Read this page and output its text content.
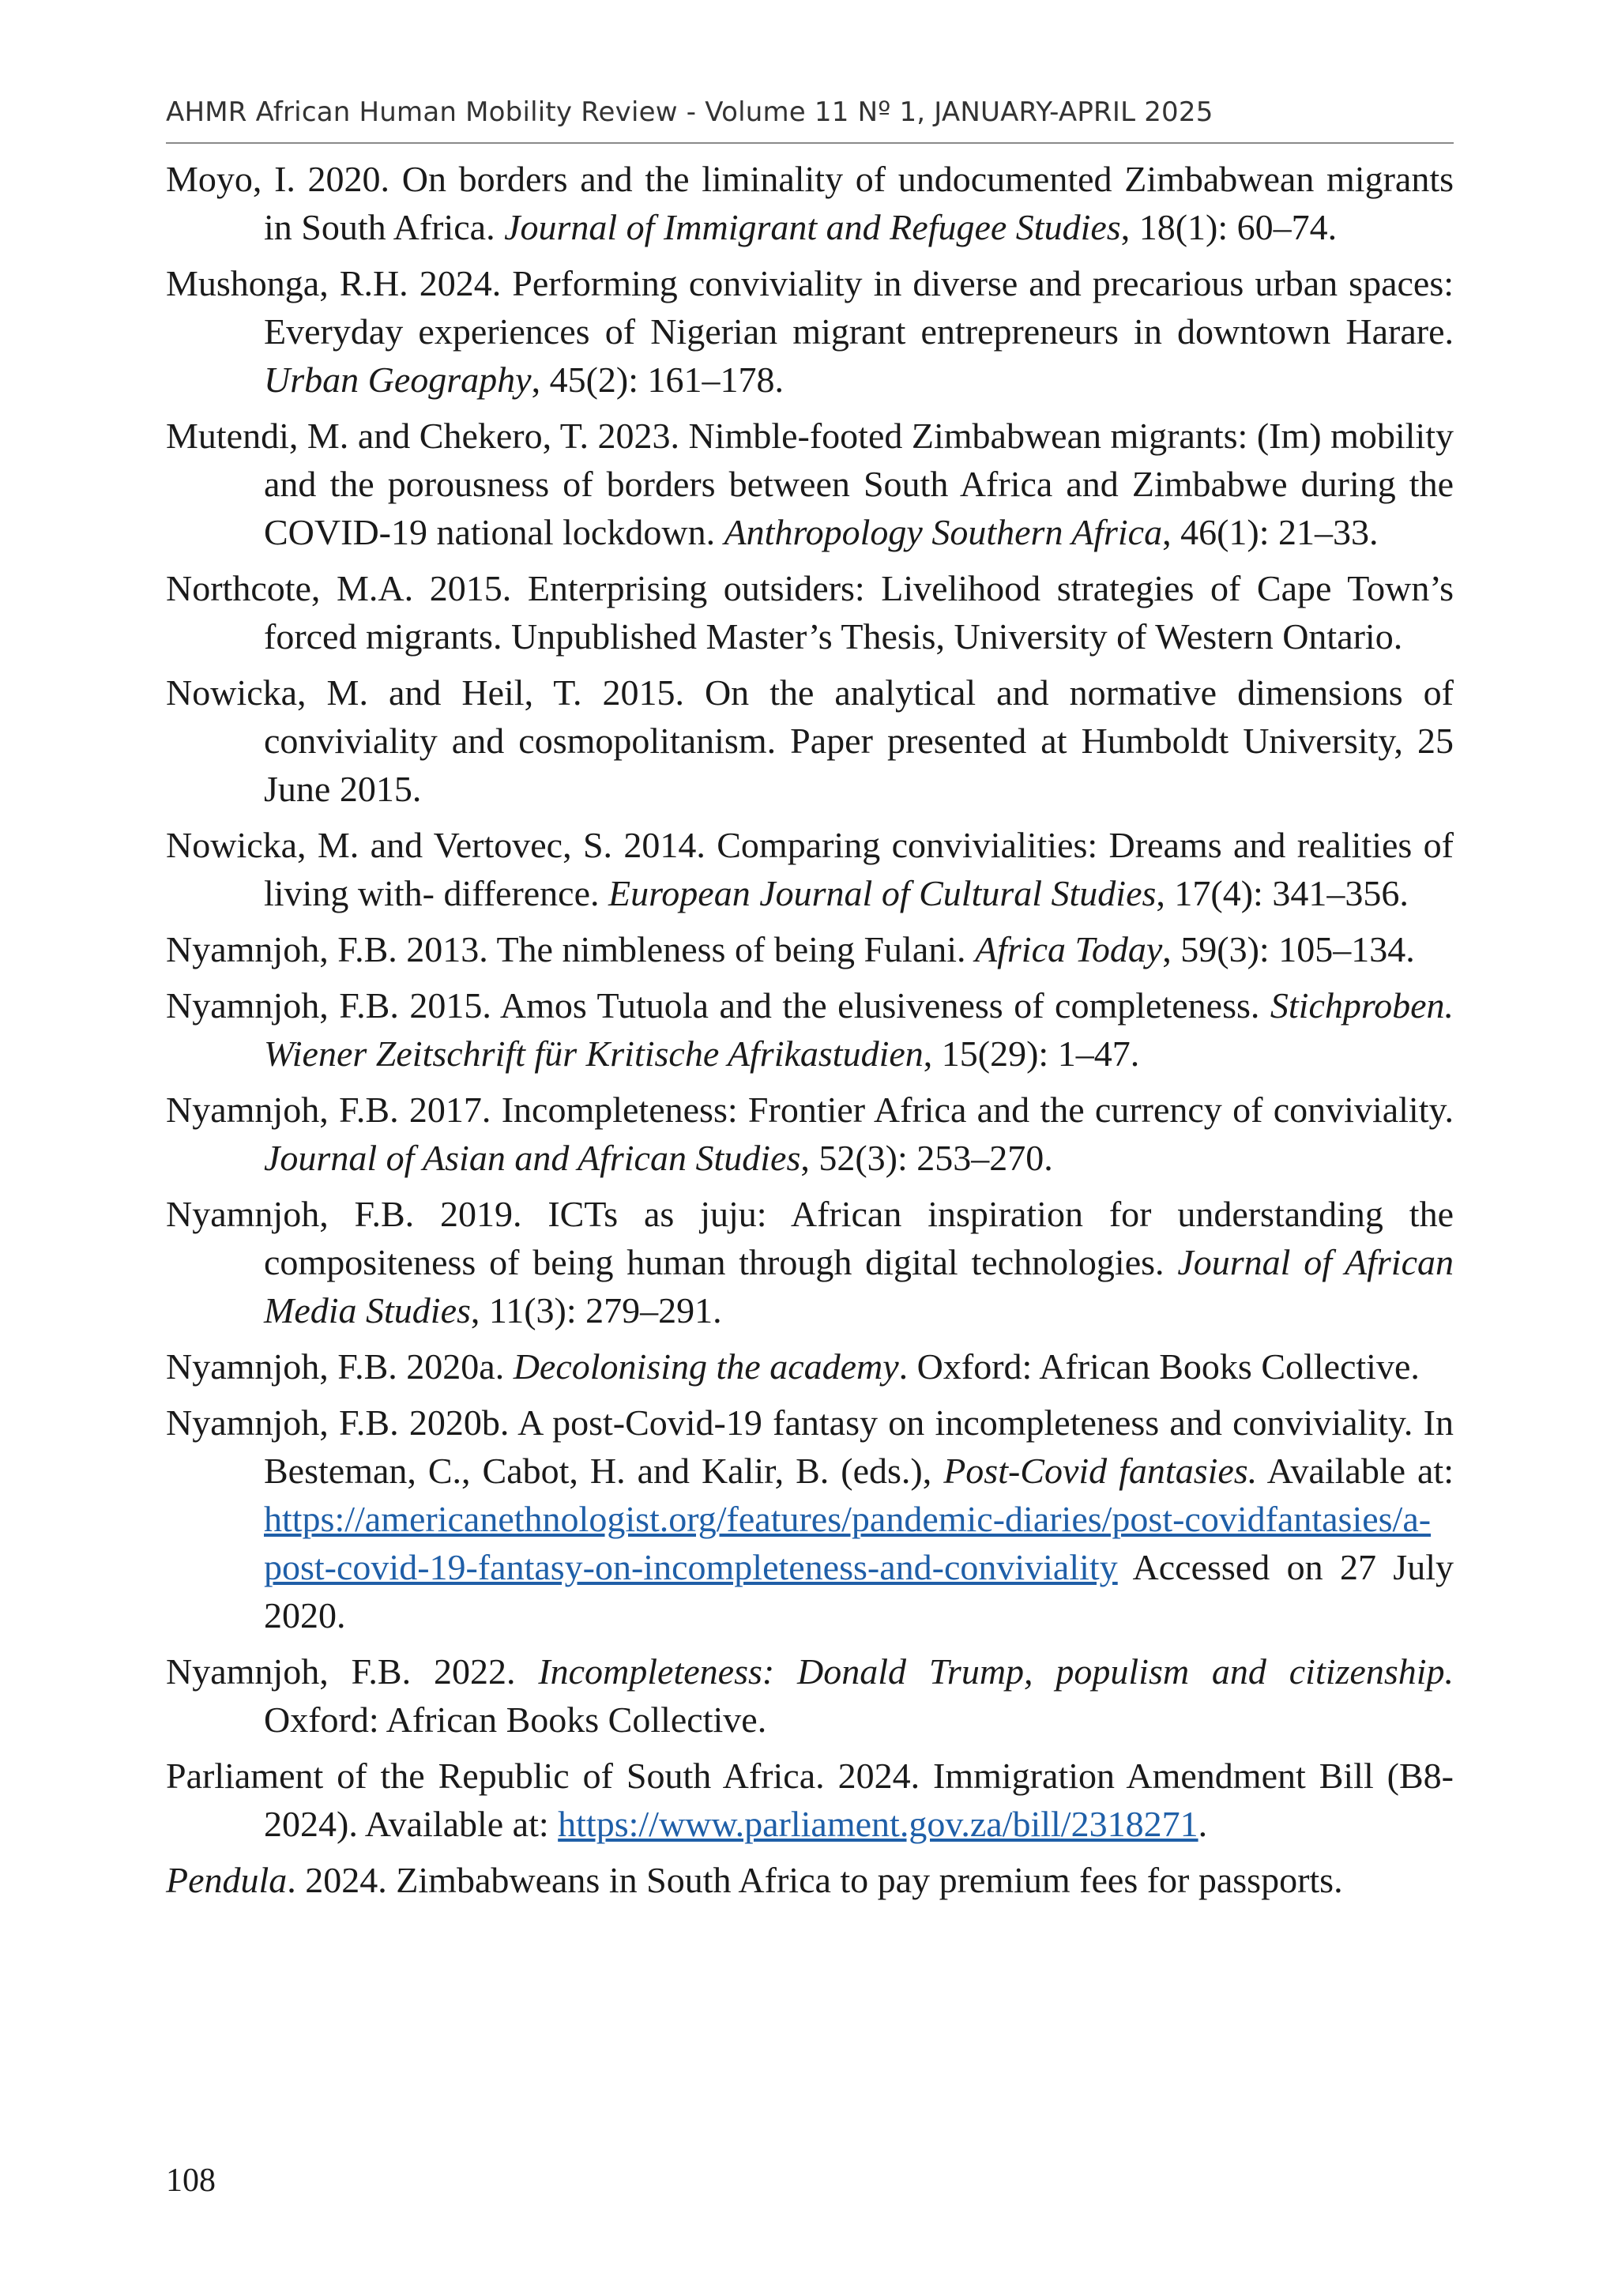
AHMR African Human Mobility Review - Volume 11 Nº 1, JANUARY-APRIL 2025

Moyo, I. 2020. On borders and the liminality of undocumented Zimbabwean migrants in South Africa. Journal of Immigrant and Refugee Studies, 18(1): 60–74.

Mushonga, R.H. 2024. Performing conviviality in diverse and precarious urban spaces: Everyday experiences of Nigerian migrant entrepreneurs in downtown Harare. Urban Geography, 45(2): 161–178.

Mutendi, M. and Chekero, T. 2023. Nimble-footed Zimbabwean migrants: (Im) mobility and the porousness of borders between South Africa and Zimbabwe during the COVID-19 national lockdown. Anthropology Southern Africa, 46(1): 21–33.

Northcote, M.A. 2015. Enterprising outsiders: Livelihood strategies of Cape Town’s forced migrants. Unpublished Master’s Thesis, University of Western Ontario.

Nowicka, M. and Heil, T. 2015. On the analytical and normative dimensions of conviviality and cosmopolitanism. Paper presented at Humboldt University, 25 June 2015.

Nowicka, M. and Vertovec, S. 2014. Comparing convivialities: Dreams and realities of living with- difference. European Journal of Cultural Studies, 17(4): 341–356.

Nyamnjoh, F.B. 2013. The nimbleness of being Fulani. Africa Today, 59(3): 105–134.

Nyamnjoh, F.B. 2015. Amos Tutuola and the elusiveness of completeness. Stichproben. Wiener Zeitschrift für Kritische Afrikastudien, 15(29): 1–47.

Nyamnjoh, F.B. 2017. Incompleteness: Frontier Africa and the currency of conviviality. Journal of Asian and African Studies, 52(3): 253–270.

Nyamnjoh, F.B. 2019. ICTs as juju: African inspiration for understanding the compositeness of being human through digital technologies. Journal of African Media Studies, 11(3): 279–291.

Nyamnjoh, F.B. 2020a. Decolonising the academy. Oxford: African Books Collective.

Nyamnjoh, F.B. 2020b. A post-Covid-19 fantasy on incompleteness and conviviality. In Besteman, C., Cabot, H. and Kalir, B. (eds.), Post-Covid fantasies. Available at: https://americanethnologist.org/features/pandemic-diaries/post-covidfantasies/a-post-covid-19-fantasy-on-incompleteness-and-conviviality Accessed on 27 July 2020.

Nyamnjoh, F.B. 2022. Incompleteness: Donald Trump, populism and citizenship. Oxford: African Books Collective.

Parliament of the Republic of South Africa. 2024. Immigration Amendment Bill (B8-2024). Available at: https://www.parliament.gov.za/bill/2318271.

Pendula. 2024. Zimbabweans in South Africa to pay premium fees for passports.

108
